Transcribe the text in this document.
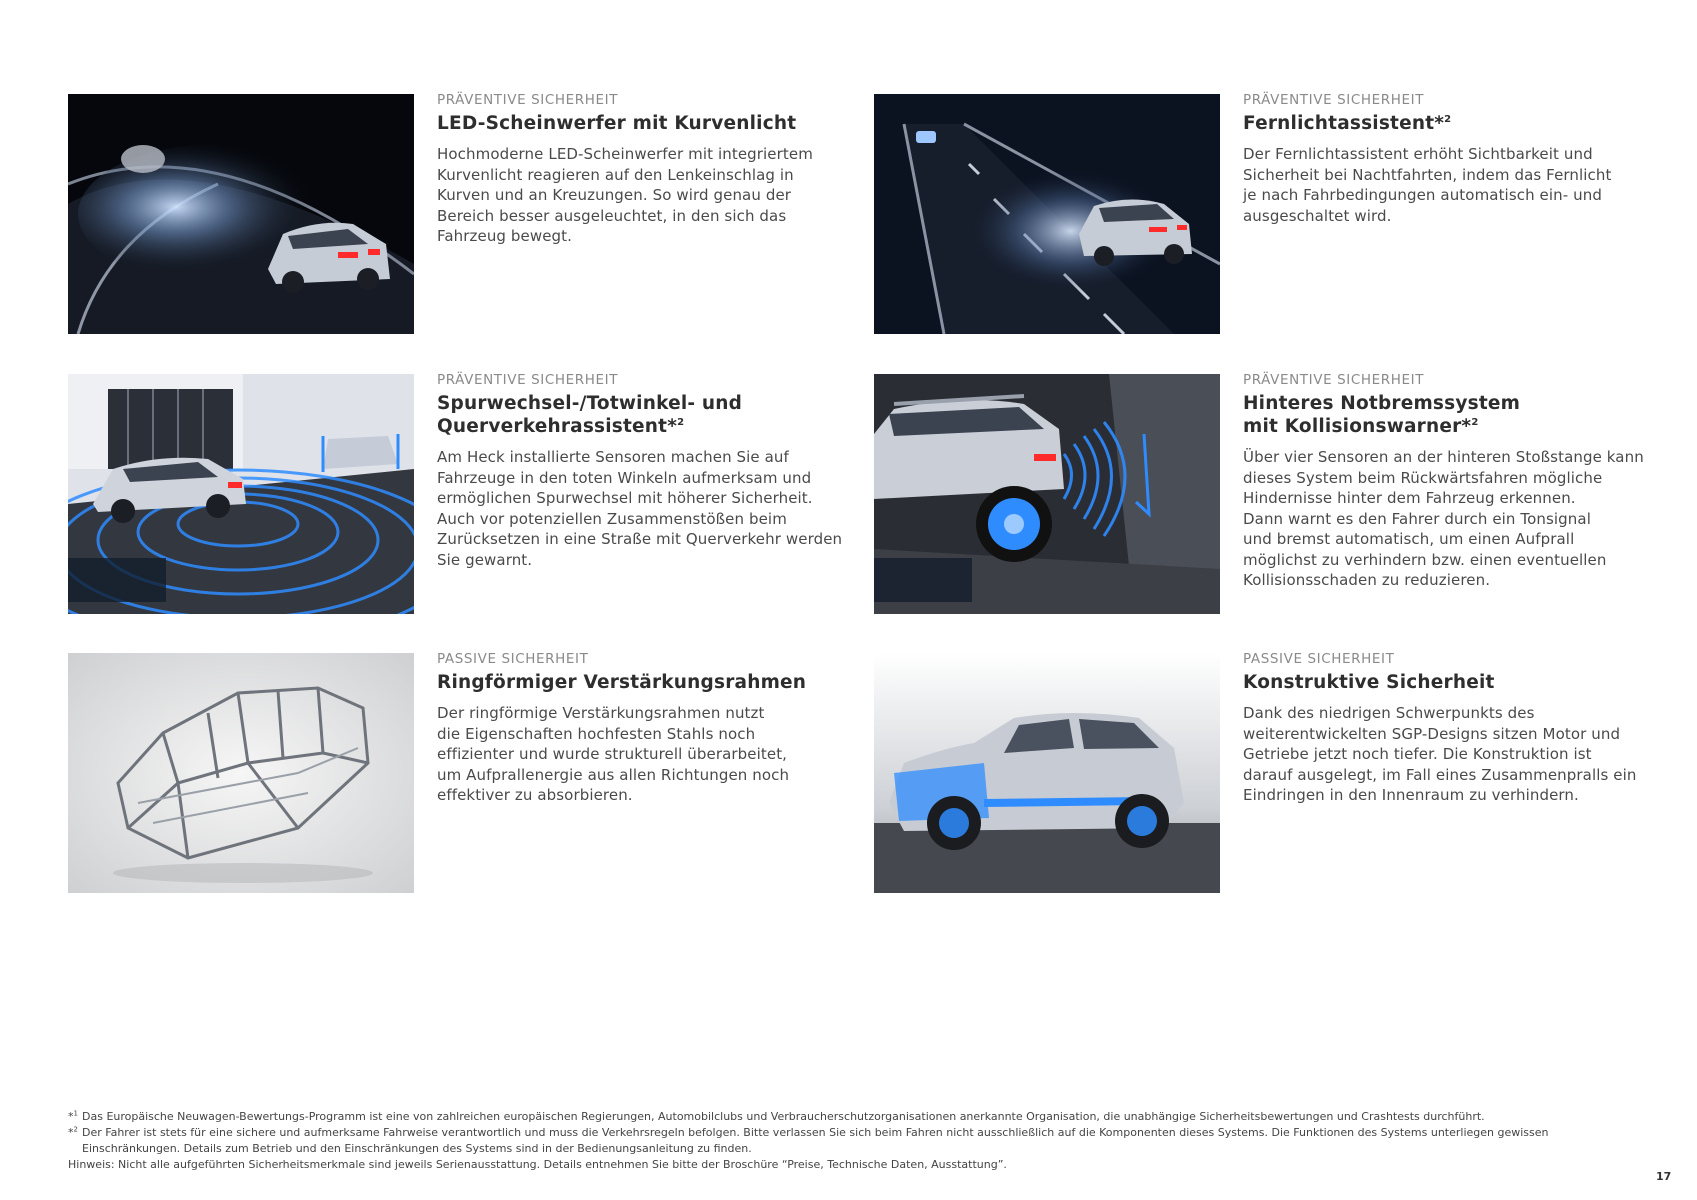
PRÄVENTIVE SICHERHEIT
LED-Scheinwerfer mit Kurvenlicht
Hochmoderne LED-Scheinwerfer mit integriertem
Kurvenlicht reagieren auf den Lenkeinschlag in
Kurven und an Kreuzungen. So wird genau der
Bereich besser ausgeleuchtet, in den sich das
Fahrzeug bewegt.
PRÄVENTIVE SICHERHEIT
Fernlichtassistent*$^2$
Der Fernlichtassistent erhöht Sichtbarkeit und
Sicherheit bei Nachtfahrten, indem das Fernlicht
je nach Fahrbedingungen automatisch ein- und
ausgeschaltet wird.
PRÄVENTIVE SICHERHEIT
Spurwechsel-/Totwinkel- und
Querverkehrassistent*$^2$
Am Heck installierte Sensoren machen Sie auf
Fahrzeuge in den toten Winkeln aufmerksam und
ermöglichen Spurwechsel mit höherer Sicherheit.
Auch vor potenziellen Zusammenstößen beim
Zurücksetzen in eine Straße mit Querverkehr werden
Sie gewarnt.
PRÄVENTIVE SICHERHEIT
Hinteres Notbremssystem
mit Kollisionswarner*$^2$
Über vier Sensoren an der hinteren Stoßstange kann
dieses System beim Rückwärtsfahren mögliche
Hindernisse hinter dem Fahrzeug erkennen.
Dann warnt es den Fahrer durch ein Tonsignal
und bremst automatisch, um einen Aufprall
möglichst zu verhindern bzw. einen eventuellen
Kollisionsschaden zu reduzieren.
PASSIVE SICHERHEIT
Ringförmiger Verstärkungsrahmen
Der ringförmige Verstärkungsrahmen nutzt
die Eigenschaften hochfesten Stahls noch
effizienter und wurde strukturell überarbeitet,
um Aufprallenergie aus allen Richtungen noch
effektiver zu absorbieren.
PASSIVE SICHERHEIT
Konstruktive Sicherheit
Dank des niedrigen Schwerpunkts des
weiterentwickelten SGP-Designs sitzen Motor und
Getriebe jetzt noch tiefer. Die Konstruktion ist
darauf ausgelegt, im Fall eines Zusammenpralls ein
Eindringen in den Innenraum zu verhindern.
*$^1$ Das Europäische Neuwagen-Bewertungs-Programm ist eine von zahlreichen europäischen Regierungen, Automobilclubs und Verbraucherschutzorganisationen anerkannte Organisation, die unabhängige Sicherheitsbewertungen und Crashtests durchführt.
*$^2$ Der Fahrer ist stets für eine sichere und aufmerksame Fahrweise verantwortlich und muss die Verkehrsregeln befolgen. Bitte verlassen Sie sich beim Fahren nicht ausschließlich auf die Komponenten dieses Systems. Die Funktionen des Systems unterliegen gewissen Einschränkungen. Details zum Betrieb und den Einschränkungen des Systems sind in der Bedienungsanleitung zu finden.
Hinweis: Nicht alle aufgeführten Sicherheitsmerkmale sind jeweils Serienausstattung. Details entnehmen Sie bitte der Broschüre “Preise, Technische Daten, Ausstattung”.
17
